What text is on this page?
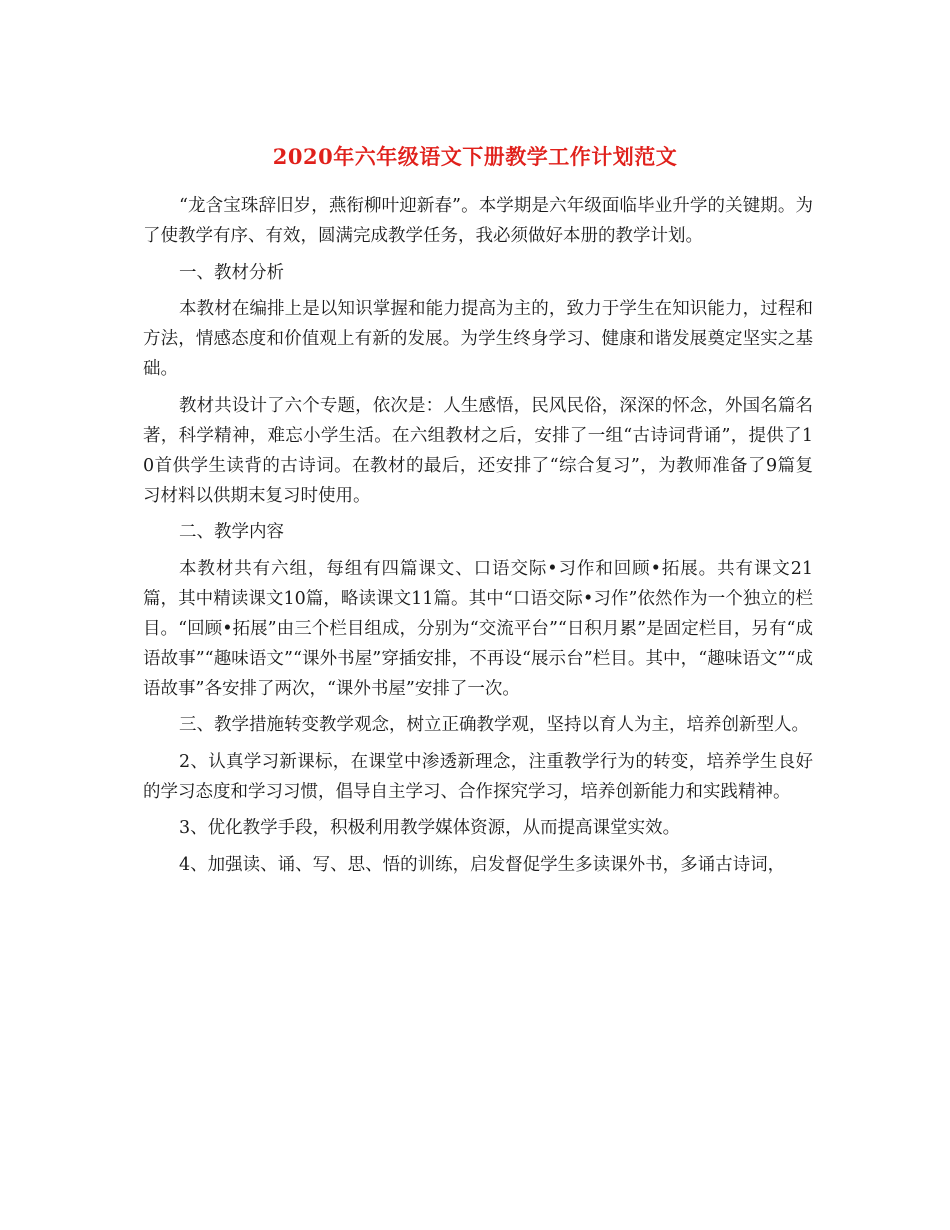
2020年六年级语文下册教学工作计划范文

“龙含宝珠辞旧岁，燕衔柳叶迎新春”。本学期是六年级面临毕业升学的关键期。为了使教学有序、有效，圆满完成教学任务，我必须做好本册的教学计划。

一、教材分析

本教材在编排上是以知识掌握和能力提高为主的，致力于学生在知识能力，过程和方法，情感态度和价值观上有新的发展。为学生终身学习、健康和谐发展奠定坚实之基础。

教材共设计了六个专题，依次是：人生感悟，民风民俗，深深的怀念，外国名篇名著，科学精神，难忘小学生活。在六组教材之后，安排了一组“古诗词背诵”，提供了10首供学生读背的古诗词。在教材的最后，还安排了“综合复习”，为教师准备了9篇复习材料以供期末复习时使用。

二、教学内容

本教材共有六组，每组有四篇课文、口语交际•习作和回顾•拓展。共有课文21篇，其中精读课文10篇，略读课文11篇。其中“口语交际•习作”依然作为一个独立的栏目。“回顾•拓展”由三个栏目组成，分别为“交流平台”“日积月累”是固定栏目，另有“成语故事”“趣味语文”“课外书屋”穿插安排，不再设“展示台”栏目。其中，“趣味语文”“成语故事”各安排了两次，“课外书屋”安排了一次。

三、教学措施转变教学观念，树立正确教学观，坚持以育人为主，培养创新型人。

2、认真学习新课标，在课堂中渗透新理念，注重教学行为的转变，培养学生良好的学习态度和学习习惯，倡导自主学习、合作探究学习，培养创新能力和实践精神。

3、优化教学手段，积极利用教学媒体资源，从而提高课堂实效。

4、加强读、诵、写、思、悟的训练，启发督促学生多读课外书，多诵古诗词，
